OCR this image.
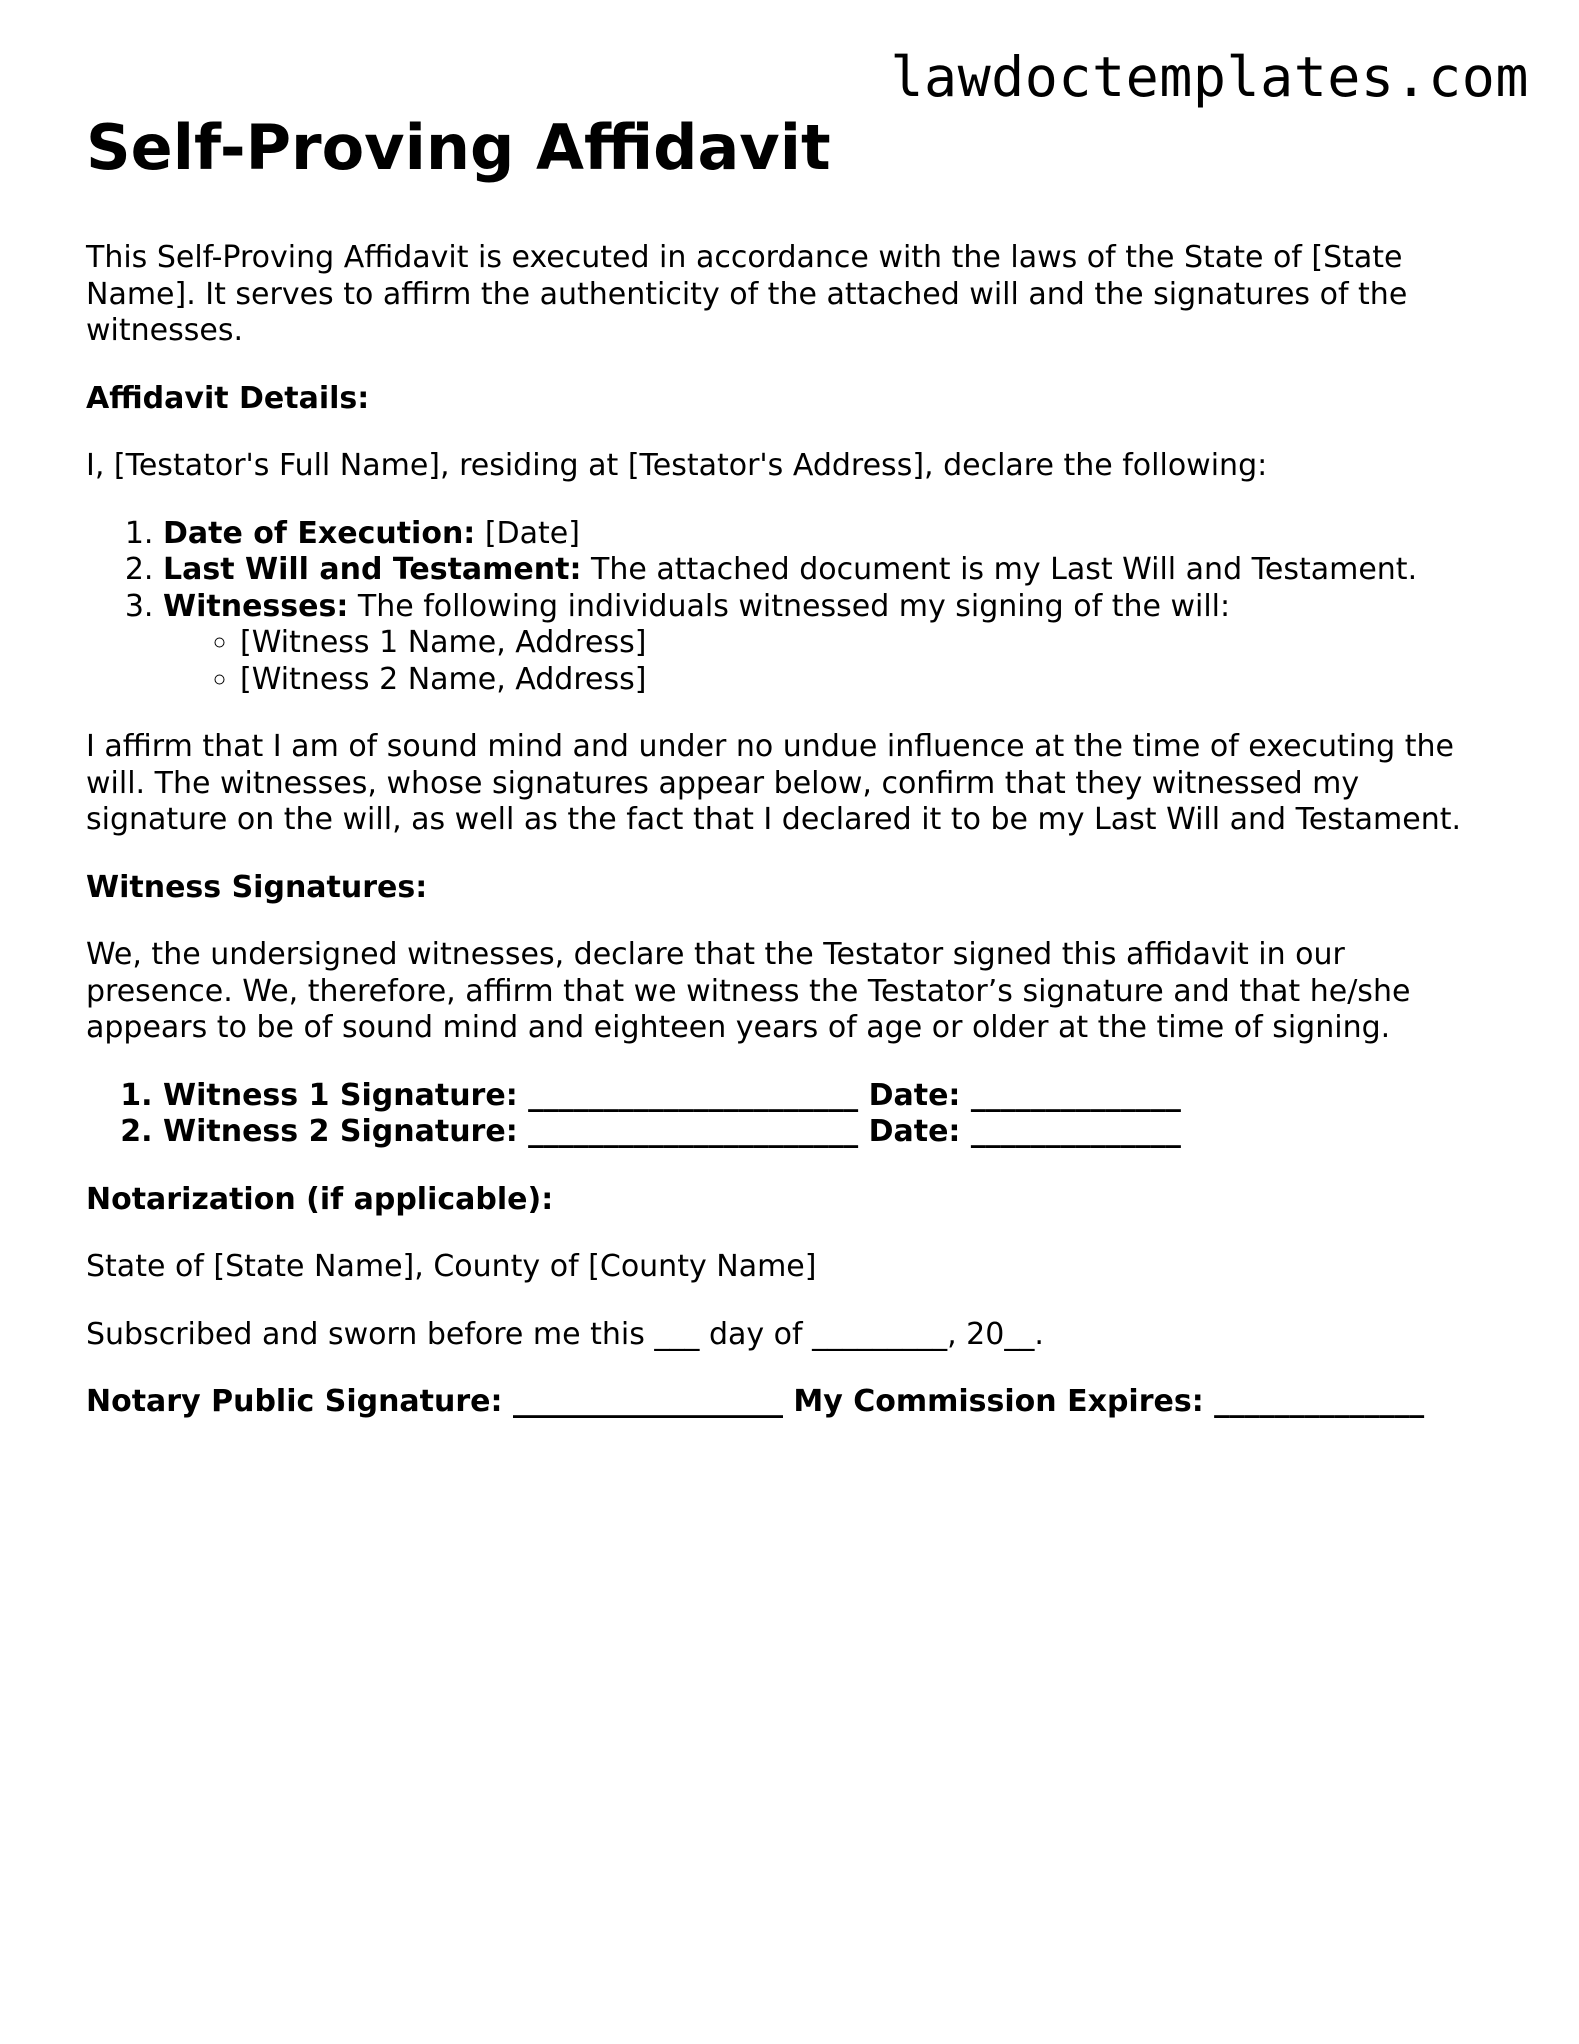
lawdoctemplates.com
Self-Proving Affidavit

This Self-Proving Affidavit is executed in accordance with the laws of the State of [State Name]. It serves to affirm the authenticity of the attached will and the signatures of the witnesses.

Affidavit Details:

I, [Testator's Full Name], residing at [Testator's Address], declare the following:

1. Date of Execution: [Date]
2. Last Will and Testament: The attached document is my Last Will and Testament.
3. Witnesses: The following individuals witnessed my signing of the will:
◦ [Witness 1 Name, Address]
◦ [Witness 2 Name, Address]

I affirm that I am of sound mind and under no undue influence at the time of executing the will. The witnesses, whose signatures appear below, confirm that they witnessed my signature on the will, as well as the fact that I declared it to be my Last Will and Testament.

Witness Signatures:

We, the undersigned witnesses, declare that the Testator signed this affidavit in our presence. We, therefore, affirm that we witness the Testator’s signature and that he/she appears to be of sound mind and eighteen years of age or older at the time of signing.

1. Witness 1 Signature: ______________________ Date: ______________
2. Witness 2 Signature: ______________________ Date: ______________
Notarization (if applicable):

State of [State Name], County of [County Name]

Subscribed and sworn before me this ___ day of _________, 20__.

Notary Public Signature: __________________ My Commission Expires: ______________
